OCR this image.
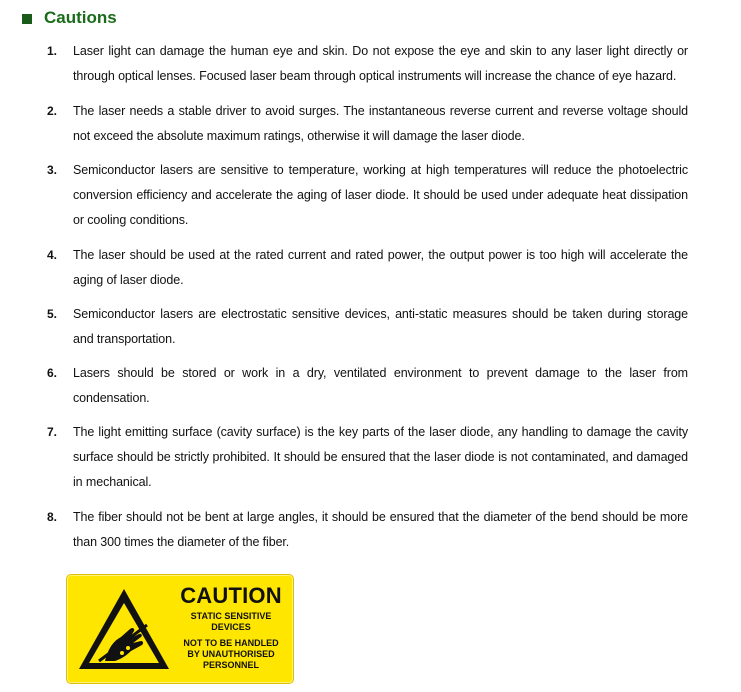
Cautions
1. Laser light can damage the human eye and skin. Do not expose the eye and skin to any laser light directly or through optical lenses. Focused laser beam through optical instruments will increase the chance of eye hazard.
2. The laser needs a stable driver to avoid surges. The instantaneous reverse current and reverse voltage should not exceed the absolute maximum ratings, otherwise it will damage the laser diode.
3. Semiconductor lasers are sensitive to temperature, working at high temperatures will reduce the photoelectric conversion efficiency and accelerate the aging of laser diode. It should be used under adequate heat dissipation or cooling conditions.
4. The laser should be used at the rated current and rated power, the output power is too high will accelerate the aging of laser diode.
5. Semiconductor lasers are electrostatic sensitive devices, anti-static measures should be taken during storage and transportation.
6. Lasers should be stored or work in a dry, ventilated environment to prevent damage to the laser from condensation.
7. The light emitting surface (cavity surface) is the key parts of the laser diode, any handling to damage the cavity surface should be strictly prohibited. It should be ensured that the laser diode is not contaminated, and damaged in mechanical.
8. The fiber should not be bent at large angles, it should be ensured that the diameter of the bend should be more than 300 times the diameter of the fiber.
CAUTION
STATIC SENSITIVE
DEVICES
NOT TO BE HANDLED
BY UNAUTHORISED
PERSONNEL
